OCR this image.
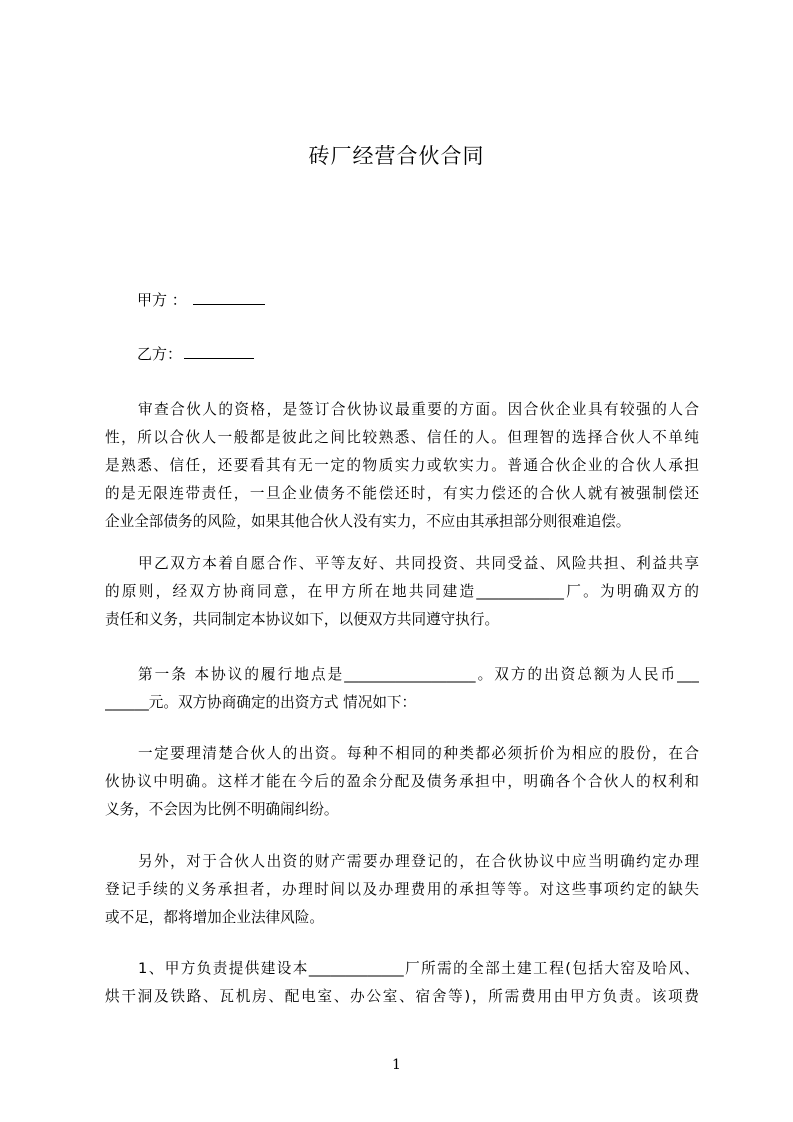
砖厂经营合伙合同
甲方 ：
乙方：
审查合伙人的资格，是签订合伙协议最重要的方面。因合伙企业具有较强的人合
性，所以合伙人一般都是彼此之间比较熟悉、信任的人。但理智的选择合伙人不单纯
是熟悉、信任，还要看其有无一定的物质实力或软实力。普通合伙企业的合伙人承担
的是无限连带责任，一旦企业债务不能偿还时，有实力偿还的合伙人就有被强制偿还
企业全部债务的风险，如果其他合伙人没有实力，不应由其承担部分则很难追偿。
甲乙双方本着自愿合作、平等友好、共同投资、共同受益、风险共担、利益共享
的原则，经双方协商同意，在甲方所在地共同建造____________厂。为明确双方的
责任和义务，共同制定本协议如下，以便双方共同遵守执行。
第一条 本协议的履行地点是__________________。双方的出资总额为人民币___
______元。双方协商确定的出资方式 情况如下：
一定要理清楚合伙人的出资。每种不相同的种类都必须折价为相应的股份，在合
伙协议中明确。这样才能在今后的盈余分配及债务承担中，明确各个合伙人的权利和
义务，不会因为比例不明确闹纠纷。
另外，对于合伙人出资的财产需要办理登记的，在合伙协议中应当明确约定办理
登记手续的义务承担者，办理时间以及办理费用的承担等等。对这些事项约定的缺失
或不足，都将增加企业法律风险。
1、甲方负责提供建设本_____________厂所需的全部土建工程(包括大窑及哈风、
烘干洞及铁路、瓦机房、配电室、办公室、宿舍等)，所需费用由甲方负责。该项费
1
